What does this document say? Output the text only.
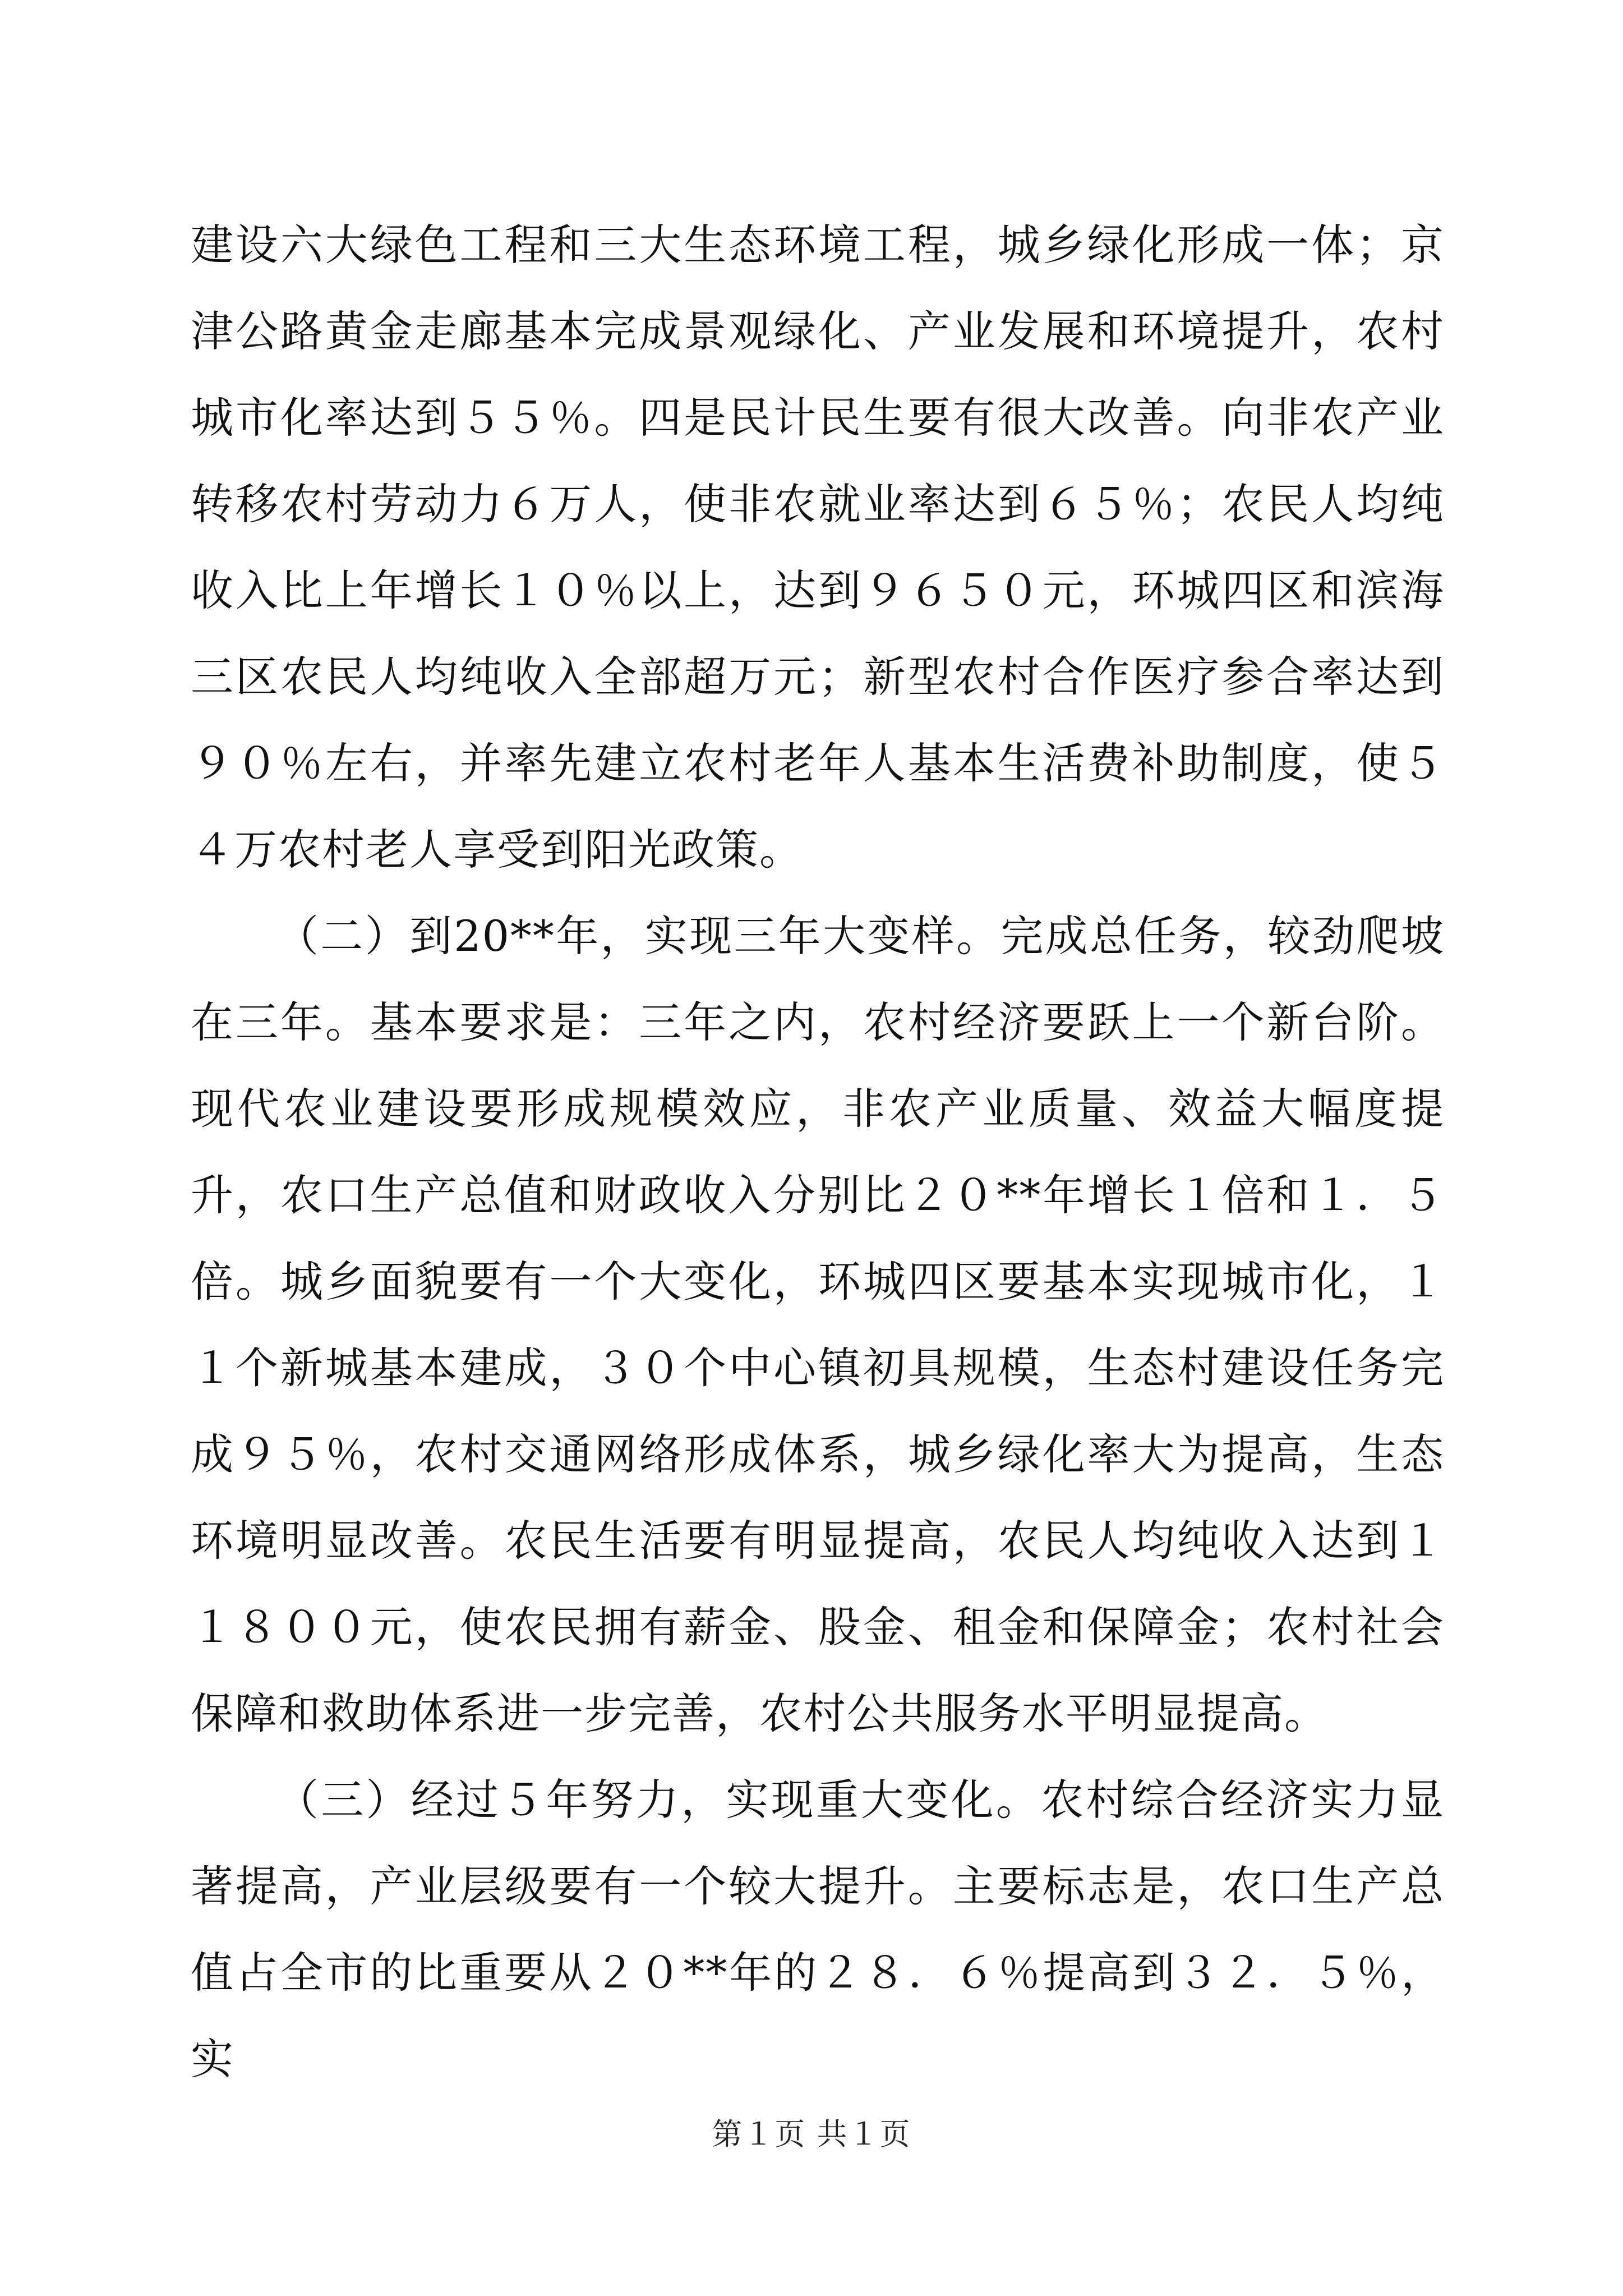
建设六大绿色工程和三大生态环境工程，城乡绿化形成一体；京津公路黄金走廊基本完成景观绿化、产业发展和环境提升，农村城市化率达到５５％。四是民计民生要有很大改善。向非农产业转移农村劳动力６万人，使非农就业率达到６５％；农民人均纯收入比上年增长１０％以上，达到９６５０元，环城四区和滨海三区农民人均纯收入全部超万元；新型农村合作医疗参合率达到９０％左右，并率先建立农村老年人基本生活费补助制度，使５４万农村老人享受到阳光政策。

（二）到20**年，实现三年大变样。完成总任务，较劲爬坡在三年。基本要求是：三年之内，农村经济要跃上一个新台阶。现代农业建设要形成规模效应，非农产业质量、效益大幅度提升，农口生产总值和财政收入分别比２０**年增长１倍和１．５倍。城乡面貌要有一个大变化，环城四区要基本实现城市化，１１个新城基本建成，３０个中心镇初具规模，生态村建设任务完成９５％，农村交通网络形成体系，城乡绿化率大为提高，生态环境明显改善。农民生活要有明显提高，农民人均纯收入达到１１８００元，使农民拥有薪金、股金、租金和保障金；农村社会保障和救助体系进一步完善，农村公共服务水平明显提高。

（三）经过５年努力，实现重大变化。农村综合经济实力显著提高，产业层级要有一个较大提升。主要标志是，农口生产总值占全市的比重要从２０**年的２８．６％提高到３２．５％，实

第１页 共１页
